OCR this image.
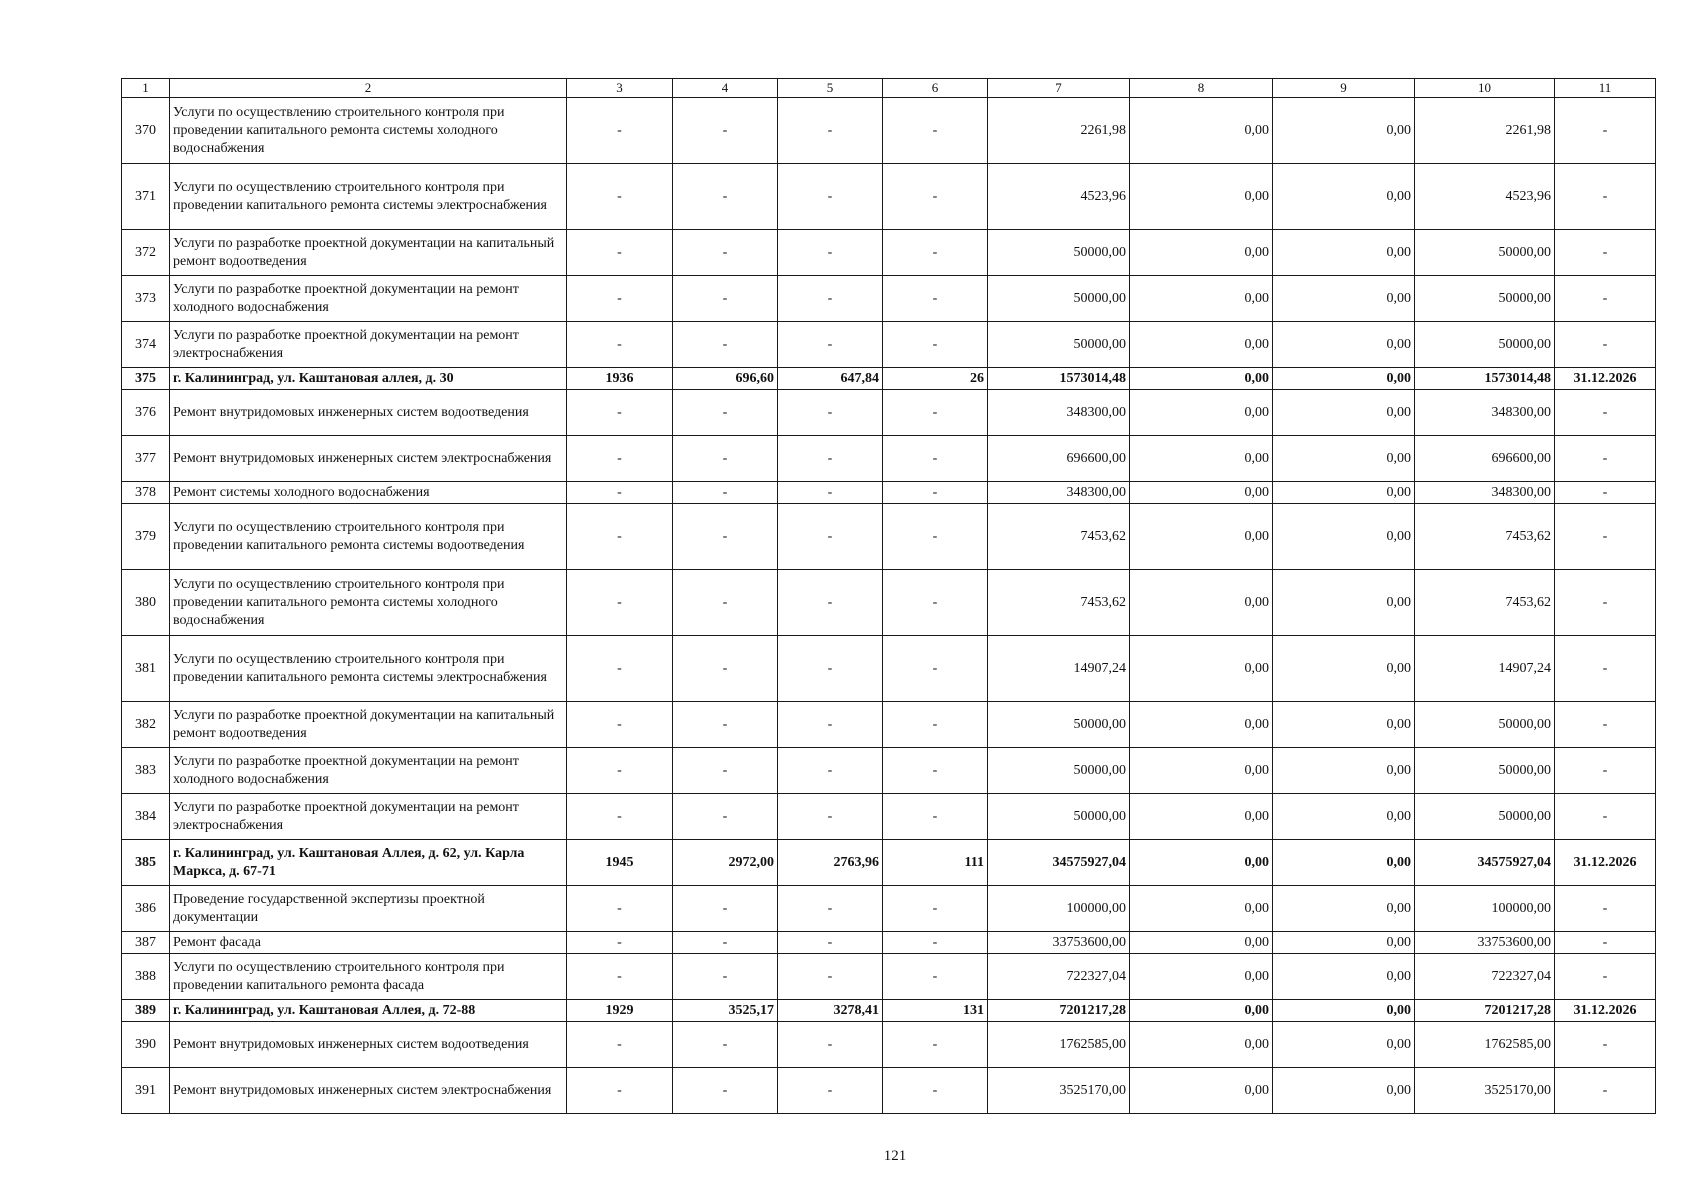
1	2	3	4	5	6	7	8	9	10	11
370	Услуги по осуществлению строительного контроля при проведении капитального ремонта системы холодного водоснабжения	-	-	-	-	2261,98	0,00	0,00	2261,98	-
371	Услуги по осуществлению строительного контроля при проведении капитального ремонта системы электроснабжения	-	-	-	-	4523,96	0,00	0,00	4523,96	-
372	Услуги по разработке проектной документации на капитальный ремонт водоотведения	-	-	-	-	50000,00	0,00	0,00	50000,00	-
373	Услуги по разработке проектной документации на ремонт холодного водоснабжения	-	-	-	-	50000,00	0,00	0,00	50000,00	-
374	Услуги по разработке проектной документации на ремонт электроснабжения	-	-	-	-	50000,00	0,00	0,00	50000,00	-
375	г. Калининград, ул. Каштановая аллея, д. 30	1936	696,60	647,84	26	1573014,48	0,00	0,00	1573014,48	31.12.2026
376	Ремонт внутридомовых инженерных систем водоотведения	-	-	-	-	348300,00	0,00	0,00	348300,00	-
377	Ремонт внутридомовых инженерных систем электроснабжения	-	-	-	-	696600,00	0,00	0,00	696600,00	-
378	Ремонт системы холодного водоснабжения	-	-	-	-	348300,00	0,00	0,00	348300,00	-
379	Услуги по осуществлению строительного контроля при проведении капитального ремонта системы водоотведения	-	-	-	-	7453,62	0,00	0,00	7453,62	-
380	Услуги по осуществлению строительного контроля при проведении капитального ремонта системы холодного водоснабжения	-	-	-	-	7453,62	0,00	0,00	7453,62	-
381	Услуги по осуществлению строительного контроля при проведении капитального ремонта системы электроснабжения	-	-	-	-	14907,24	0,00	0,00	14907,24	-
382	Услуги по разработке проектной документации на капитальный ремонт водоотведения	-	-	-	-	50000,00	0,00	0,00	50000,00	-
383	Услуги по разработке проектной документации на ремонт холодного водоснабжения	-	-	-	-	50000,00	0,00	0,00	50000,00	-
384	Услуги по разработке проектной документации на ремонт электроснабжения	-	-	-	-	50000,00	0,00	0,00	50000,00	-
385	г. Калининград, ул. Каштановая Аллея, д. 62, ул. Карла Маркса, д. 67-71	1945	2972,00	2763,96	111	34575927,04	0,00	0,00	34575927,04	31.12.2026
386	Проведение государственной экспертизы проектной документации	-	-	-	-	100000,00	0,00	0,00	100000,00	-
387	Ремонт фасада	-	-	-	-	33753600,00	0,00	0,00	33753600,00	-
388	Услуги по осуществлению строительного контроля при проведении капитального ремонта фасада	-	-	-	-	722327,04	0,00	0,00	722327,04	-
389	г. Калининград, ул. Каштановая Аллея, д. 72-88	1929	3525,17	3278,41	131	7201217,28	0,00	0,00	7201217,28	31.12.2026
390	Ремонт внутридомовых инженерных систем водоотведения	-	-	-	-	1762585,00	0,00	0,00	1762585,00	-
391	Ремонт внутридомовых инженерных систем электроснабжения	-	-	-	-	3525170,00	0,00	0,00	3525170,00	-
121
